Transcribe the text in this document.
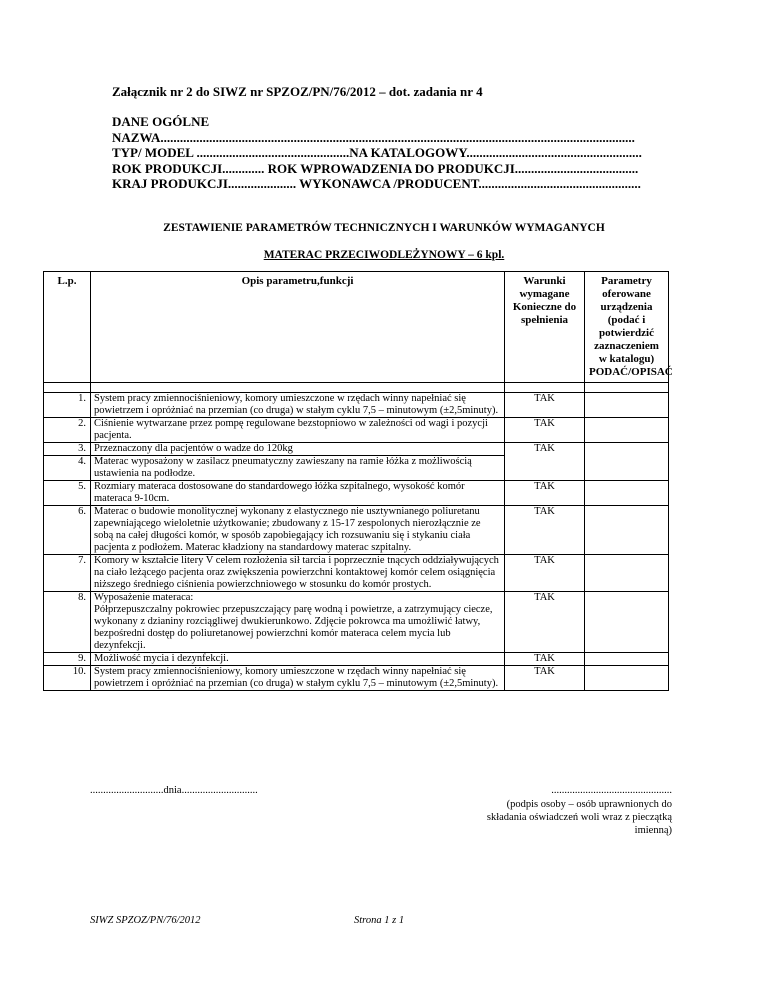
Załącznik nr 2 do SIWZ nr SPZOZ/PN/76/2012 – dot. zadania nr 4
DANE OGÓLNE
NAZWA..................................................................................................................................................
TYP/ MODEL ...............................................NA KATALOGOWY......................................................
ROK PRODUKCJI............. ROK WPROWADZENIA DO PRODUKCJI......................................
KRAJ PRODUKCJI..................... WYKONAWCA /PRODUCENT..................................................
ZESTAWIENIE PARAMETRÓW TECHNICZNYCH I WARUNKÓW WYMAGANYCH
MATERAC PRZECIWODLEŻYNOWY – 6 kpl.
L.p.	Opis parametru,funkcji	Warunki wymagane Konieczne do spełnienia	Parametry oferowane urządzenia (podać i potwierdzić zaznaczeniem w katalogu)
PODAĆ/OPISAĆ

1.	System pracy zmiennociśnieniowy, komory umieszczone w rzędach winny napełniać się powietrzem i opróżniać na przemian (co druga) w stałym cyklu 7,5 – minutowym (±2,5minuty).	TAK	
2.	Ciśnienie wytwarzane przez pompę regulowane bezstopniowo w zależności od wagi i pozycji pacjenta.	TAK	
3.	Przeznaczony dla pacjentów o wadze do 120kg	TAK	
4.	Materac wyposażony w zasilacz pneumatyczny zawieszany na ramie łóżka z możliwością ustawienia na podłodze.		
5.	Rozmiary materaca dostosowane do standardowego łóżka szpitalnego, wysokość komór materaca 9-10cm.	TAK	
6.	Materac o budowie monolitycznej wykonany z elastycznego nie usztywnianego poliuretanu zapewniającego wieloletnie użytkowanie; zbudowany z 15-17 zespolonych nierozłącznie ze sobą na całej długości komór, w sposób zapobiegający ich rozsuwaniu się i stykaniu ciała pacjenta z podłożem. Materac kładziony na standardowy materac szpitalny.	TAK	
7.	Komory w kształcie litery V celem rozłożenia sił tarcia i poprzecznie tnących oddziaływujących na ciało leżącego pacjenta oraz zwiększenia powierzchni kontaktowej komór celem osiągnięcia niższego średniego ciśnienia powierzchniowego w stosunku do komór prostych.	TAK	
8.	Wyposażenie materaca:
Półprzepuszczalny pokrowiec przepuszczający parę wodną i powietrze, a zatrzymujący ciecze, wykonany z dzianiny rozciągliwej dwukierunkowo. Zdjęcie pokrowca ma umożliwić łatwy, bezpośredni dostęp do poliuretanowej powierzchni komór materaca celem mycia lub dezynfekcji.	TAK	
9.	Możliwość mycia i dezynfekcji.	TAK	
10.	System pracy zmiennociśnieniowy, komory umieszczone w rzędach winny napełniać się powietrzem i opróżniać na przemian (co druga) w stałym cyklu 7,5 – minutowym (±2,5minuty).	TAK	
............................dnia.............................	..............................................
(podpis osoby – osób uprawnionych do składania oświadczeń woli wraz z pieczątką imienną)
SIWZ SPZOZ/PN/76/2012	Strona 1 z 1
